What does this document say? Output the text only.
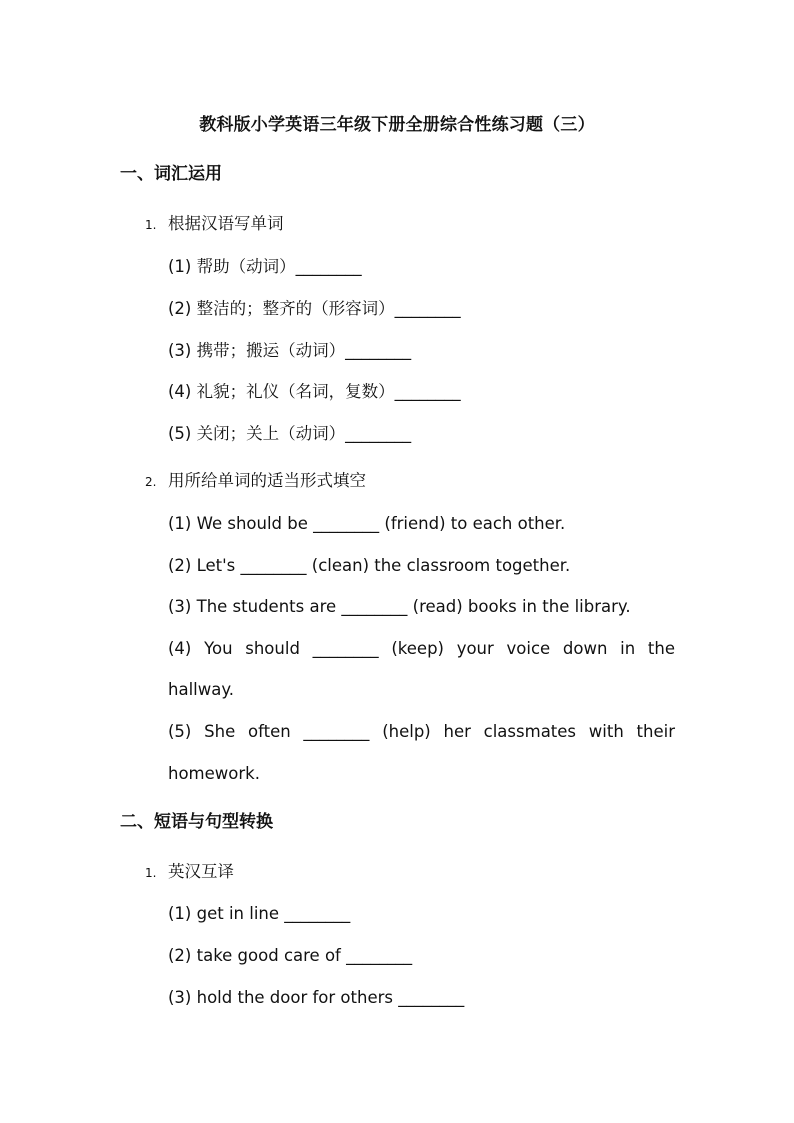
教科版小学英语三年级下册全册综合性练习题（三）
一、词汇运用
1. 根据汉语写单词
(1) 帮助（动词）________
(2) 整洁的；整齐的（形容词）________
(3) 携带；搬运（动词）________
(4) 礼貌；礼仪（名词，复数）________
(5) 关闭；关上（动词）________
2. 用所给单词的适当形式填空
(1) We should be ________ (friend) to each other.
(2) Let's ________ (clean) the classroom together.
(3) The students are ________ (read) books in the library.
(4) You should ________ (keep) your voice down in the
hallway.
(5) She often ________ (help) her classmates with their
homework.
二、短语与句型转换
1. 英汉互译
(1) get in line ________
(2) take good care of ________
(3) hold the door for others ________
